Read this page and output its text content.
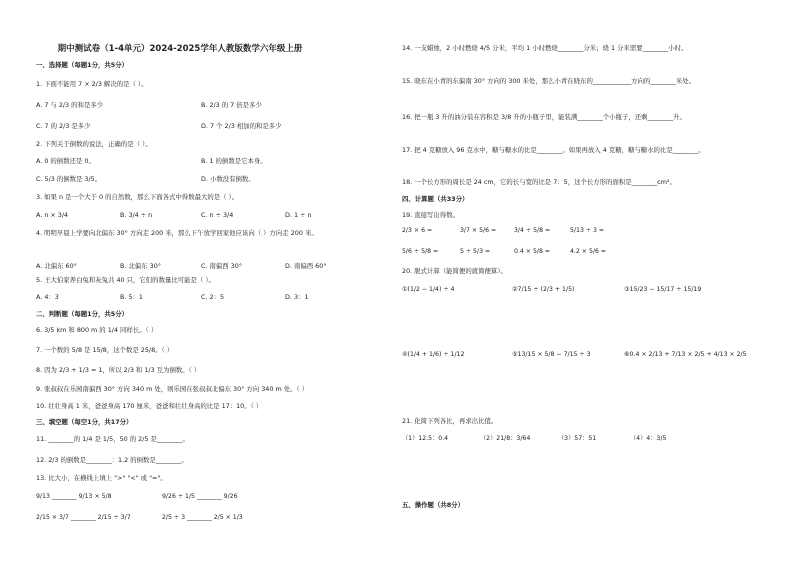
期中测试卷（1-4单元）2024-2025学年人教版数学六年级上册
一、选择题（每题1分，共5分）
1. 下面不能用 7 × 2/3 解决的是（ ）。
A. 7 与 2/3 的和是多少	B. 2/3 的 7 倍是多少
C. 7 的 2/3 是多少	D. 7 个 2/3 相加的和是多少
2. 下列关于倒数的说法，正确的是（ ）。
A. 0 的倒数还是 0。	B. 1 的倒数是它本身。
C. 5/3 的倒数是 3/5。	D. 小数没有倒数。
3. 如果 n 是一个大于 0 的自然数，那么下面各式中得数最大的是（ ）。
A. n × 3/4	B. 3/4 ÷ n	C. n ÷ 3/4	D. 1 ÷ n
4. 明明早晨上学要向北偏东 30° 方向走 200 米，那么下午放学回家他应该向（ ）方向走 200 米。
A. 北偏东 60°	B. 北偏东 30°	C. 南偏西 30°	D. 南偏西 60°
5. 王大伯家养白兔和灰兔共 40 只，它们的数量比可能是（ ）。
A. 4：3	B. 5：1	C. 2：5	D. 3：1
二、判断题（每题1分，共5分）
6. 3/5 km 和 800 m 的 1/4 同样长。（ ）
7. 一个数的 5/8 是 15/8，这个数是 25/8。（ ）
8. 因为 2/3 + 1/3 = 1，所以 2/3 和 1/3 互为倒数。（ ）
9. 张叔叔在乐园南偏西 30° 方向 340 m 处，则乐园在张叔叔北偏东 30° 方向 340 m 处。（ ）
10. 壮壮身高 1 米，爸爸身高 170 厘米，爸爸和壮壮身高的比是 17：10。（ ）
三、填空题（每空1分，共17分）
11. ________的 1/4 是 1/5，50 的 2/5 是________。
12. 2/3 的倒数是________：1.2 的倒数是________。
13. 比大小，在横线上填上 ">" "<" 或 "="。
9/13 ________ 9/13 × 5/8	9/26 ÷ 1/5 ________ 9/26
2/15 × 3/7 ________ 2/15 ÷ 3/7	2/5 ÷ 3 ________ 2/5 × 1/3
14. 一支蜡烛，2 小时燃烧 4/5 分米，平均 1 小时燃烧________分米；烧 1 分米需要________小时。
15. 晓东在小青的东偏南 30° 方向的 300 米处，那么小青在晓东的____________方向的________米处。
16. 把一瓶 3 升的油分装在容积是 3/8 升的小瓶子里，能装满________个小瓶子，还剩________升。
17. 把 4 克糖放入 96 克水中，糖与糖水的比是________。如果再放入 4 克糖，糖与糖水的比是________。
18. 一个长方形的周长是 24 cm，它的长与宽的比是 7：5，这个长方形的面积是________cm²。
四、计算题（共33分）
19. 直接写出得数。
2/3 × 6 =	3/7 × 5/6 =	3/4 ÷ 5/8 =	5/13 ÷ 3 =
5/6 ÷ 5/8 =	5 ÷ 5/3 =	0.4 × 5/8 =	4.2 × 5/6 =
20. 脱式计算（能简便的就简便算）。
①(1/2 − 1/4) ÷ 4	②7/15 ÷ (2/3 + 1/5)	③15/23 − 15/17 ÷ 15/19
④(1/4 + 1/6) ÷ 1/12	⑤13/15 × 5/8 − 7/15 ÷ 3	⑥0.4 × 2/13 + 7/13 × 2/5 + 4/13 × 2/5
21. 化简下列各比，再求出比值。
（1）12.5：0.4	（2）21/8：3/64	（3）57：51	（4）4：3/5
五、操作题（共8分）
